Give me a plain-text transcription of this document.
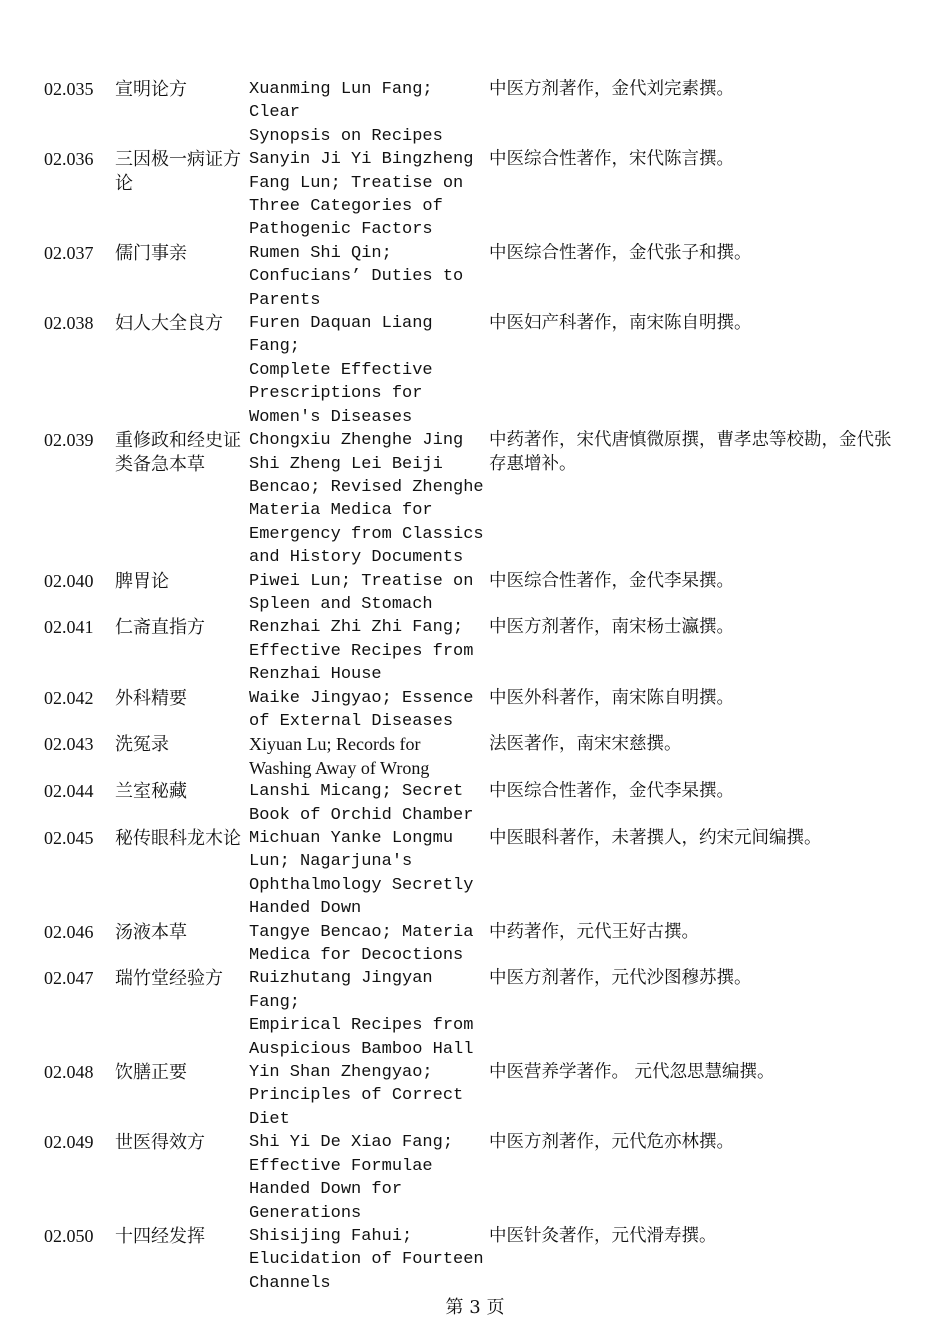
02.035	宣明论方	Xuanming Lun Fang; Clear
Synopsis on Recipes
中医方剂著作，金代刘完素撰。
02.036	三因极一病证方论
Sanyin Ji Yi Bingzheng
Fang Lun; Treatise on
Three Categories of
Pathogenic Factors
中医综合性著作，宋代陈言撰。
02.037	儒门事亲	Rumen Shi Qin;
Confucians’ Duties to
Parents
中医综合性著作，金代张子和撰。
02.038	妇人大全良方	Furen Daquan Liang Fang;
Complete Effective
Prescriptions for
Women's Diseases
中医妇产科著作，南宋陈自明撰。
02.039	重修政和经史证类备急本草
Chongxiu Zhenghe Jing
Shi Zheng Lei Beiji
Bencao; Revised Zhenghe
Materia Medica for
Emergency from Classics
and History Documents
中药著作，宋代唐慎微原撰，曹孝忠等校勘，金代张存惠增补。
02.040	脾胃论	Piwei Lun; Treatise on
Spleen and Stomach
中医综合性著作，金代李杲撰。
02.041	仁斋直指方	Renzhai Zhi Zhi Fang;
Effective Recipes from
Renzhai House
中医方剂著作，南宋杨士瀛撰。
02.042	外科精要	Waike Jingyao; Essence
of External Diseases
中医外科著作，南宋陈自明撰。
02.043	洗冤录	Xiyuan Lu; Records for
Washing Away of Wrong
法医著作，南宋宋慈撰。
02.044	兰室秘藏	Lanshi Micang; Secret
Book of Orchid Chamber
中医综合性著作，金代李杲撰。
02.045	秘传眼科龙木论 Michuan Yanke Longmu
Lun; Nagarjuna's
Ophthalmology Secretly
Handed Down
中医眼科著作，未著撰人，约宋元间编撰。
02.046	汤液本草	Tangye Bencao; Materia
Medica for Decoctions
中药著作，元代王好古撰。
02.047	瑞竹堂经验方	Ruizhutang Jingyan Fang;
Empirical Recipes from
Auspicious Bamboo Hall
中医方剂著作，元代沙图穆苏撰。
02.048	饮膳正要	Yin Shan Zhengyao;
Principles of Correct
Diet
中医营养学著作。 元代忽思慧编撰。
02.049	世医得效方	Shi Yi De Xiao Fang;
Effective Formulae
Handed Down for
Generations
中医方剂著作，元代危亦林撰。
02.050	十四经发挥	Shisijing Fahui;
Elucidation of Fourteen
Channels
中医针灸著作，元代滑寿撰。
第 3 页
